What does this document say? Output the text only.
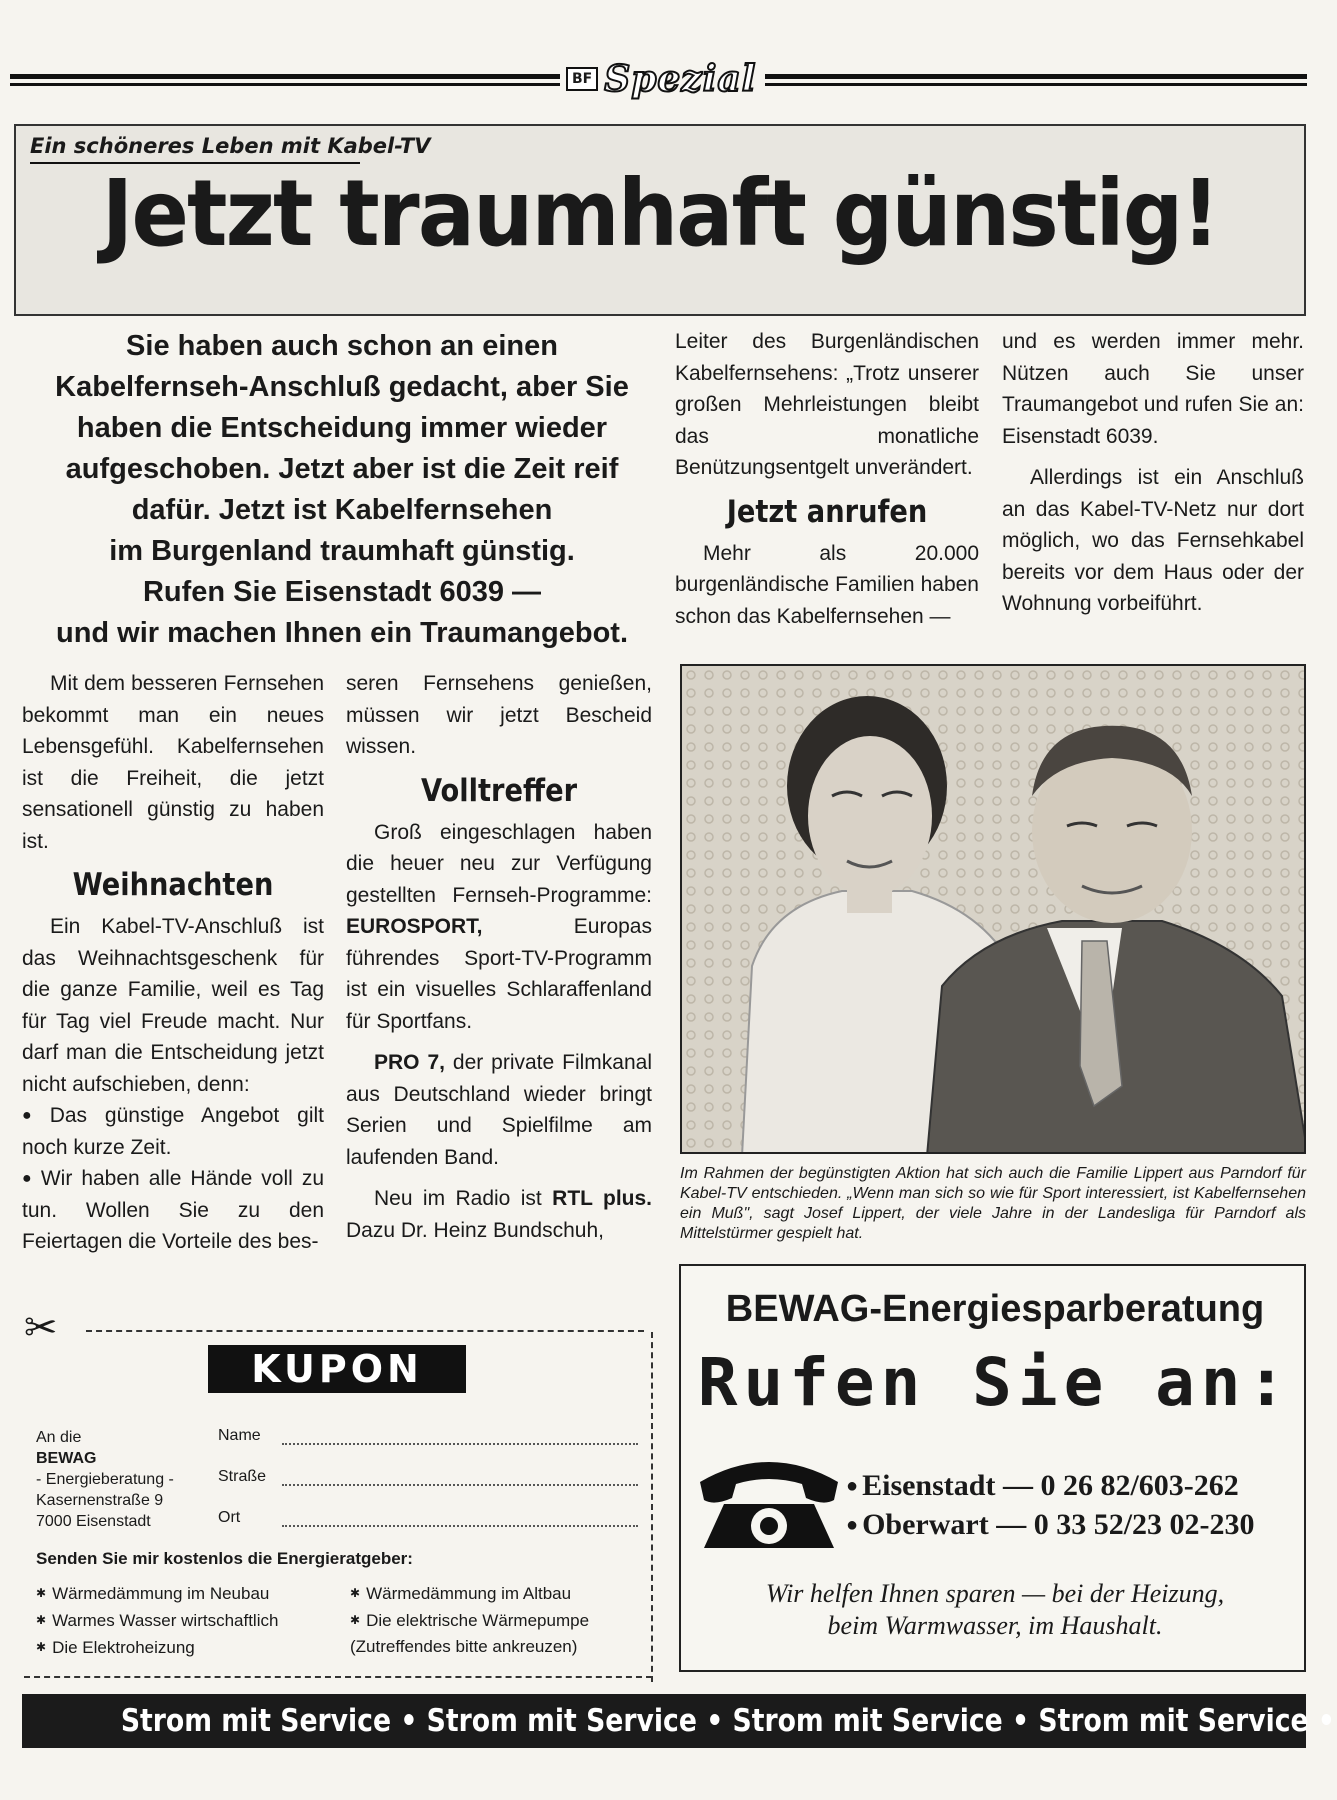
BF Spezial
Ein schöneres Leben mit Kabel-TV
Jetzt traumhaft günstig!

Sie haben auch schon an einen

Kabelfernseh-Anschluß gedacht, aber Sie

haben die Entscheidung immer wieder

aufgeschoben. Jetzt aber ist die Zeit reif

dafür. Jetzt ist Kabelfernsehen

im Burgenland traumhaft günstig.

Rufen Sie Eisenstadt 6039 —

und wir machen Ihnen ein Traumangebot.

Mit dem besseren Fernsehen bekommt man ein neues Lebensgefühl. Kabelfernsehen ist die Freiheit, die jetzt sensationell günstig zu haben ist.

Weihnachten

Ein Kabel-TV-Anschluß ist das Weihnachtsgeschenk für die ganze Familie, weil es Tag für Tag viel Freude macht. Nur darf man die Entscheidung jetzt nicht aufschieben, denn:

● Das günstige Angebot gilt noch kurze Zeit.

● Wir haben alle Hände voll zu tun. Wollen Sie zu den Feiertagen die Vorteile des bes-

seren Fernsehens genießen, müssen wir jetzt Bescheid wissen.

Volltreffer

Groß eingeschlagen haben die heuer neu zur Verfügung gestellten Fernseh-Programme: EUROSPORT, Europas führendes Sport-TV-Programm ist ein visuelles Schlaraffenland für Sportfans.

PRO 7, der private Filmkanal aus Deutschland wieder bringt Serien und Spielfilme am laufenden Band.

Neu im Radio ist RTL plus. Dazu Dr. Heinz Bundschuh,

Leiter des Burgenländischen Kabelfernsehens: „Trotz unserer großen Mehrleistungen bleibt das monatliche Benützungsentgelt unverändert.

Jetzt anrufen

Mehr als 20.000 burgenländische Familien haben schon das Kabelfernsehen —

und es werden immer mehr. Nützen auch Sie unser Traumangebot und rufen Sie an: Eisenstadt 6039.

Allerdings ist ein Anschluß an das Kabel-TV-Netz nur dort möglich, wo das Fernsehkabel bereits vor dem Haus oder der Wohnung vorbeiführt.

Im Rahmen der begünstigten Aktion hat sich auch die Familie Lippert aus Parndorf für Kabel-TV entschieden. „Wenn man sich so wie für Sport interessiert, ist Kabelfernsehen ein Muß", sagt Josef Lippert, der viele Jahre in der Landesliga für Parndorf als Mittelstürmer gespielt hat.
✂
KUPON
An die
BEWAG
- Energieberatung -
Kasernenstraße 9
7000 Eisenstadt
Name
Straße
Ort
Senden Sie mir kostenlos die Energieratgeber:
✱ Wärmedämmung im Neubau
✱ Warmes Wasser wirtschaftlich
✱ Die Elektroheizung
✱ Wärmedämmung im Altbau
✱ Die elektrische Wärmepumpe
(Zutreffendes bitte ankreuzen)
BEWAG-Energiesparberatung
Rufen Sie an:
● Eisenstadt — 0 26 82/603-262
● Oberwart — 0 33 52/23 02-230
Wir helfen Ihnen sparen — bei der Heizung,
beim Warmwasser, im Haushalt.
Strom mit Service • Strom mit Service • Strom mit Service • Strom mit Service •
